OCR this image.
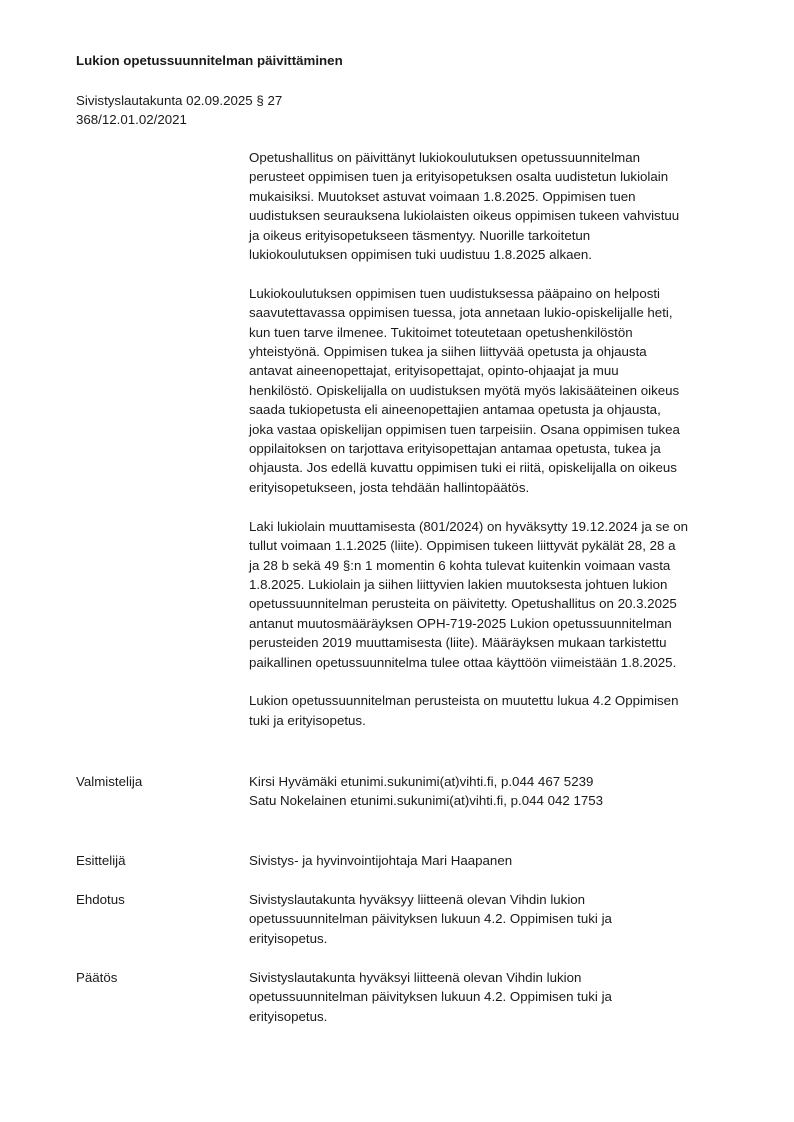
Lukion opetussuunnitelman päivittäminen
Sivistyslautakunta 02.09.2025 § 27
368/12.01.02/2021

Opetushallitus on päivittänyt lukiokoulutuksen opetussuunnitelman
perusteet oppimisen tuen ja erityisopetuksen osalta uudistetun lukiolain
mukaisiksi. Muutokset astuvat voimaan 1.8.2025. Oppimisen tuen
uudistuksen seurauksena lukiolaisten oikeus oppimisen tukeen vahvistuu
ja oikeus erityisopetukseen täsmentyy. Nuorille tarkoitetun
lukiokoulutuksen oppimisen tuki uudistuu 1.8.2025 alkaen.

Lukiokoulutuksen oppimisen tuen uudistuksessa pääpaino on helposti
saavutettavassa oppimisen tuessa, jota annetaan lukio-opiskelijalle heti,
kun tuen tarve ilmenee. Tukitoimet toteutetaan opetushenkilöstön
yhteistyönä. Oppimisen tukea ja siihen liittyvää opetusta ja ohjausta
antavat aineenopettajat, erityisopettajat, opinto-ohjaajat ja muu
henkilöstö. Opiskelijalla on uudistuksen myötä myös lakisääteinen oikeus
saada tukiopetusta eli aineenopettajien antamaa opetusta ja ohjausta,
joka vastaa opiskelijan oppimisen tuen tarpeisiin. Osana oppimisen tukea
oppilaitoksen on tarjottava erityisopettajan antamaa opetusta, tukea ja
ohjausta. Jos edellä kuvattu oppimisen tuki ei riitä, opiskelijalla on oikeus
erityisopetukseen, josta tehdään hallintopäätös.

Laki lukiolain muuttamisesta (801/2024) on hyväksytty 19.12.2024 ja se on
tullut voimaan 1.1.2025 (liite). Oppimisen tukeen liittyvät pykälät 28, 28 a
ja 28 b sekä 49 §:n 1 momentin 6 kohta tulevat kuitenkin voimaan vasta
1.8.2025. Lukiolain ja siihen liittyvien lakien muutoksesta johtuen lukion
opetussuunnitelman perusteita on päivitetty. Opetushallitus on 20.3.2025
antanut muutosmääräyksen OPH-719-2025 Lukion opetussuunnitelman
perusteiden 2019 muuttamisesta (liite). Määräyksen mukaan tarkistettu
paikallinen opetussuunnitelma tulee ottaa käyttöön viimeistään 1.8.2025.

Lukion opetussuunnitelman perusteista on muutettu lukua 4.2 Oppimisen
tuki ja erityisopetus.

Valmistelija	Kirsi Hyvämäki etunimi.sukunimi(at)vihti.fi, p.044 467 5239
Satu Nokelainen etunimi.sukunimi(at)vihti.fi, p.044 042 1753
Esittelijä	Sivistys- ja hyvinvointijohtaja Mari Haapanen
Ehdotus	Sivistyslautakunta hyväksyy liitteenä olevan Vihdin lukion
opetussuunnitelman päivityksen lukuun 4.2. Oppimisen tuki ja
erityisopetus.
Päätös	Sivistyslautakunta hyväksyi liitteenä olevan Vihdin lukion
opetussuunnitelman päivityksen lukuun 4.2. Oppimisen tuki ja
erityisopetus.
